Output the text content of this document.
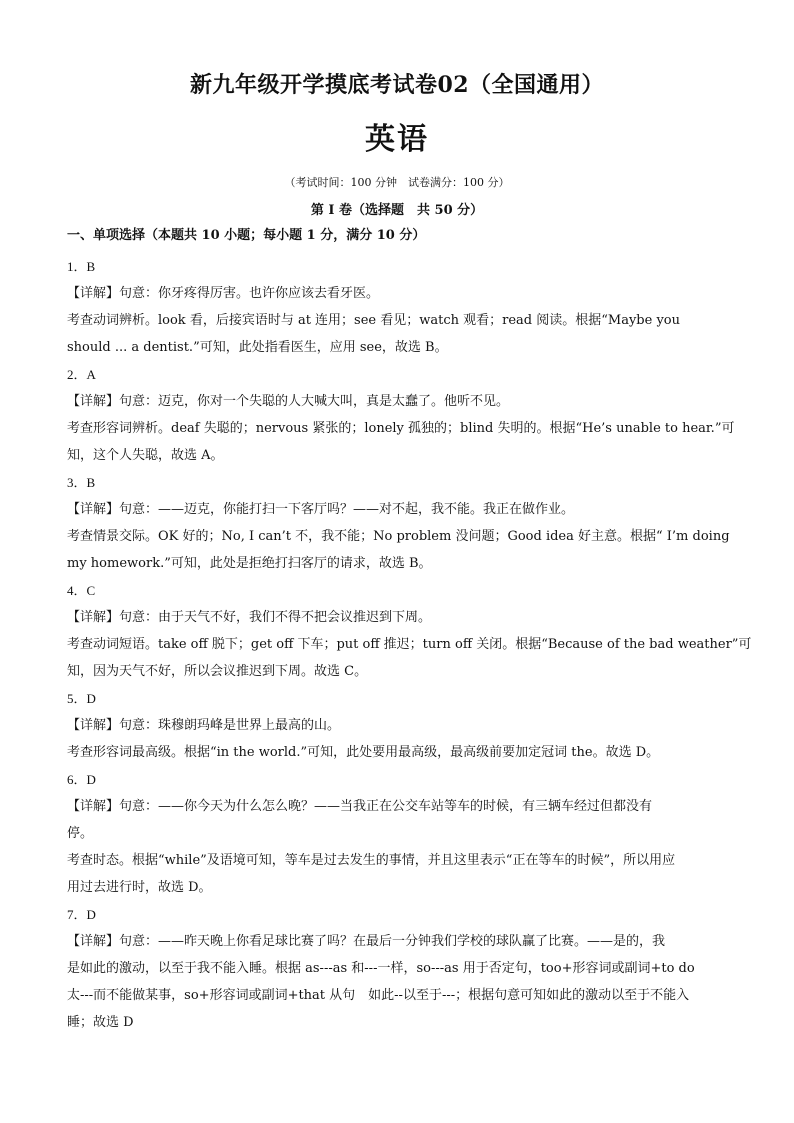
新九年级开学摸底考试卷02（全国通用）
英语
（考试时间：100 分钟　试卷满分：100 分）
第 I 卷（选择题　共 50 分）
一、单项选择（本题共 10 小题；每小题 1 分，满分 10 分）
1．B
【详解】句意：你牙疼得厉害。也许你应该去看牙医。
考查动词辨析。look 看，后接宾语时与 at 连用；see 看见；watch 观看；read 阅读。根据“Maybe you
should ... a dentist.”可知，此处指看医生，应用 see，故选 B。
2．A
【详解】句意：迈克，你对一个失聪的人大喊大叫，真是太蠢了。他听不见。
考查形容词辨析。deaf 失聪的；nervous 紧张的；lonely 孤独的；blind 失明的。根据“He’s unable to hear.”可
知，这个人失聪，故选 A。
3．B
【详解】句意：——迈克，你能打扫一下客厅吗？——对不起，我不能。我正在做作业。
考查情景交际。OK 好的；No, I can’t 不，我不能；No problem 没问题；Good idea 好主意。根据“ I’m doing
my homework.”可知，此处是拒绝打扫客厅的请求，故选 B。
4．C
【详解】句意：由于天气不好，我们不得不把会议推迟到下周。
考查动词短语。take off 脱下；get off 下车；put off 推迟；turn off 关闭。根据“Because of the bad weather”可
知，因为天气不好，所以会议推迟到下周。故选 C。
5．D
【详解】句意：珠穆朗玛峰是世界上最高的山。
考查形容词最高级。根据“in the world.”可知，此处要用最高级，最高级前要加定冠词 the。故选 D。
6．D
【详解】句意：——你今天为什么怎么晚？——当我正在公交车站等车的时候，有三辆车经过但都没有
停。
考查时态。根据“while”及语境可知，等车是过去发生的事情，并且这里表示“正在等车的时候”，所以用应
用过去进行时，故选 D。
7．D
【详解】句意：——昨天晚上你看足球比赛了吗？在最后一分钟我们学校的球队赢了比赛。——是的，我
是如此的激动，以至于我不能入睡。根据 as---as 和---一样，so---as 用于否定句，too+形容词或副词+to do
太---而不能做某事，so+形容词或副词+that 从句　如此--以至于---；根据句意可知如此的激动以至于不能入
睡；故选 D
